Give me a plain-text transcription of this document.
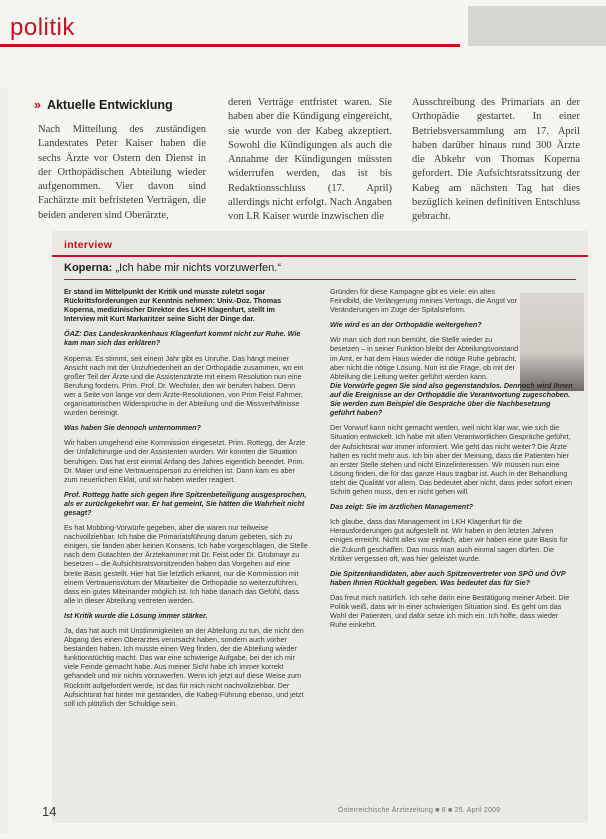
politik
» Aktuelle Entwicklung

Nach Mitteilung des zuständigen Landesrates Peter Kaiser haben die sechs Ärzte vor Ostern den Dienst in der Orthopädischen Abteilung wieder aufgenommen. Vier davon sind Fachärzte mit befristeten Verträgen, die beiden anderen sind Oberärzte,

deren Verträge entfristet waren. Sie haben aber die Kündigung eingereicht, sie wurde von der Kabeg akzeptiert. Sowohl die Kündigungen als auch die Annahme der Kündigungen müssten widerrufen werden, das ist bis Redaktionsschluss (17. April) allerdings nicht erfolgt. Nach Angaben von LR Kaiser wurde inzwischen die

Ausschreibung des Primariats an der Orthopädie gestartet. In einer Betriebsversammlung am 17. April haben darüber hinaus rund 300 Ärzte die Abkehr von Thomas Koperna gefordert. Die Aufsichtsratssitzung der Kabeg am nächsten Tag hat dies bezüglich keinen definitiven Entschluss gebracht.

interview
Koperna: „Ich habe mir nichts vorzuwerfen.“

Er stand im Mittelpunkt der Kritik und musste zuletzt sogar Rückrittsforderungen zur Kenntnis nehmen: Univ.-Doz. Thomas Koperna, medizinischer Direktor des LKH Klagenfurt, stellt im Interview mit Kurt Markaritzer seine Sicht der Dinge dar.

ÖAZ: Das Landeskrankenhaus Klagenfurt kommt nicht zur Ruhe. Wie kam man sich das erklären?

Koperna: Es stimmt, seit einem Jahr gibt es Unruhe. Das hängt meiner Ansicht nach mit der Unzufriedenheit an der Orthopädie zusammen, wo ein großer Teil der Ärzte und die Assistenzärzte mit einem Resolution nun eine Berufung fordern. Prim. Prof. Dr. Wechsler, den wir berufen haben. Denn wer a Seite von lange vor dem Ärzte-Resolutionen, von Prim Feist Fahrner, organisatorischen Widersprüche in der Abteilung und die Missverhältnisse wurden bereinigt.

Was haben Sie dennoch unternommen?

Wir haben umgehend eine Kommission eingesetzt, Prim. Rottegg, der Ärzte der Unfallchirurgie und der Assistenten wurden. Wir konnten die Situation beruhigen. Das hat erst einmal Anfang des Jahres eigentlich beendet. Prim. Dr. Maier und eine Vertrauensperson zu erreichen ist. Dann kam es aber zum neuerlichen Eklat, und wir haben wieder reagiert.

Prof. Rottegg hatte sich gegen Ihre Spitzenbeteiligung ausgesprochen, als er zurückgekehrt war. Er hat gemeint, Sie hätten die Wahrheit nicht gesagt?

Es hat Mobbing-Vorwürfe gegeben, aber die waren nur teilweise nachvollziehbar. Ich habe die Primariatsführung darum gebeten, sich zu einigen, sie fanden aber keinen Konsens. Ich habe vorgeschlagen, die Stelle nach dem Gutachten der Ärztekammer mit Dr. Feist oder Dr. Grubmayr zu besetzen – die Aufsichtsratsvorsitzenden haben das Vorgehen auf eine breite Basis gestellt. Hier hat Sie letztlich erkannt, nur die Kommission mit einem Vertrauensvotum der Mitarbeiter die Orthopädie so weiterzuführen, dass ein gutes Miteinander möglich ist. Ich habe danach das Gefühl, dass alle in dieser Abteilung vertreten werden.

Ist Kritik wurde die Lösung immer stärker.

Ja, das hat auch mit Unstimmigkeiten an der Abteilung zu tun, die nicht den Abgang des einen Oberarztes verursacht haben, sondern auch vorher bestanden haben. Ich musste einen Weg finden, der die Abteilung wieder funktionstüchtig macht. Das war eine schwierige Aufgabe, bei der ich mir viele Feinde gemacht habe. Aus meiner Sicht habe ich immer korrekt gehandelt und mir nichts vorzuwerfen. Wenn ich jetzt auf diese Weise zum Rücktritt aufgefordert werde, ist das für mich nicht nachvollziehbar. Der Aufsichtsrat hat hinter mir gestanden, die Kabeg-Führung ebenso, und jetzt soll ich plötzlich der Schuldige sein.

Gründen für diese Kampagne gibt es viele: ein altes Feindbild, die Verlängerung meines Vertrags, die Angst vor Veränderungen im Zuge der Spitalsreform.

Wie wird es an der Orthopädie weitergehen?

Wir man sich dort nun bemüht, die Stelle wieder zu besetzen – in seiner Funktion bleibt der Abteilungsvorstand im Amt, er hat dem Haus wieder die nötige Ruhe gebracht, aber nicht die nötige Lösung. Nun ist die Frage, ob mit der Abteilung die Leitung weiter geführt werden kann.

Die Vorwürfe gegen Sie sind also gegenstandslos. Dennoch wird Ihnen auf die Ereignisse an der Orthopädie die Verantwortung zugeschoben. Sie werden zum Beispiel die Gespräche über die Nachbesetzung geführt haben?

Der Vorwurf kann nicht gemacht werden, weil nicht klar war, wie sich die Situation entwickelt. Ich habe mit allen Verantwortlichen Gespräche geführt, der Aufsichtsrat war immer informiert. Wie geht das nicht weiter? Die Ärzte halten es nicht mehr aus. Ich bin aber der Meinung, dass die Patienten hier an erster Stelle stehen und nicht Einzelinteressen. Wir müssen nun eine Lösung finden, die für das ganze Haus tragbar ist. Auch in der Behandlung steht die Qualität vor allem. Das bedeutet aber nicht, dass jeder sofort einen Schritt gehen muss, den er nicht gehen will.

Das zeigt: Sie im ärztlichen Management?

Ich glaube, dass das Management im LKH Klagenfurt für die Herausforderungen gut aufgestellt ist. Wir haben in den letzten Jahren einiges erreicht. Nicht alles war einfach, aber wir haben eine gute Basis für die Zukunft geschaffen. Das muss man auch einmal sagen dürfen. Die Kritiker vergessen oft, was hier geleistet wurde.

Die Spitzenkandidaten, aber auch Spitzenvertreter von SPÖ und ÖVP haben Ihnen Rückhalt gegeben. Was bedeutet das für Sie?

Das freut mich natürlich. Ich sehe darin eine Bestätigung meiner Arbeit. Die Politik weiß, dass wir in einer schwierigen Situation sind. Es geht um das Wohl der Patienten, und dafür setze ich mich ein. Ich hoffe, dass wieder Ruhe einkehrt.

14	Österreichische Ärztezeitung ■ 8 ■ 25. April 2009
